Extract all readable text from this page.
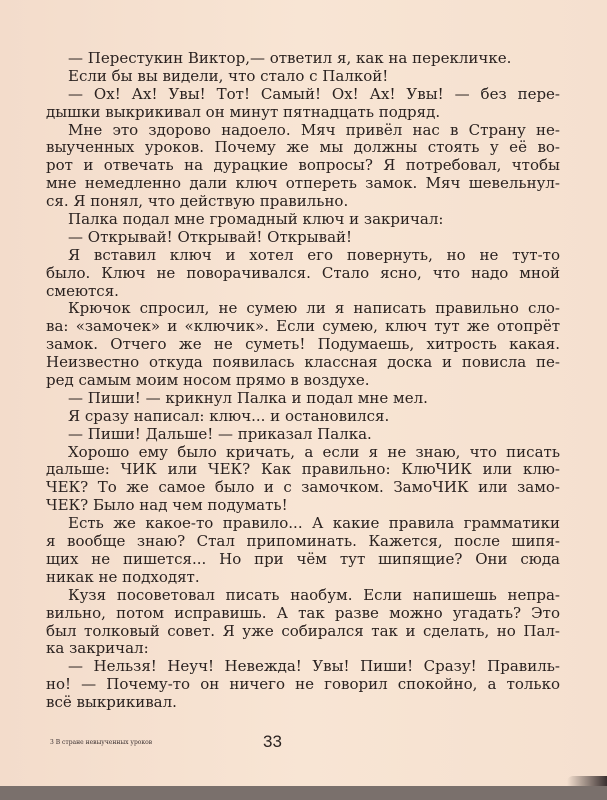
— Перестукин Виктор,— ответил я, как на перекличке.
Если бы вы видели, что стало с Палкой!
— Ох! Ах! Увы! Тот! Самый! Ох! Ах! Увы! — без пере-
дышки выкрикивал он минут пятнадцать подряд.
Мне это здорово надоело. Мяч привёл нас в Страну не-
выученных уроков. Почему же мы должны стоять у её во-
рот и отвечать на дурацкие вопросы? Я потребовал, чтобы
мне немедленно дали ключ отпереть замок. Мяч шевельнул-
ся. Я понял, что действую правильно.
Палка подал мне громадный ключ и закричал:
— Открывай! Открывай! Открывай!
Я вставил ключ и хотел его повернуть, но не тут-то
было. Ключ не поворачивался. Стало ясно, что надо мной
смеются.
Крючок спросил, не сумею ли я написать правильно сло-
ва: «замочек» и «ключик». Если сумею, ключ тут же отопрёт
замок. Отчего же не суметь! Подумаешь, хитрость какая.
Неизвестно откуда появилась классная доска и повисла пе-
ред самым моим носом прямо в воздухе.
— Пиши! — крикнул Палка и подал мне мел.
Я сразу написал: ключ... и остановился.
— Пиши! Дальше! — приказал Палка.
Хорошо ему было кричать, а если я не знаю, что писать
дальше: ЧИК или ЧЕК? Как правильно: КлюЧИК или клю-
ЧЕК? То же самое было и с замочком. ЗамоЧИК или замо-
ЧЕК? Было над чем подумать!
Есть же какое-то правило... А какие правила грамматики
я вообще знаю? Стал припоминать. Кажется, после шипя-
щих не пишется... Но при чём тут шипящие? Они сюда
никак не подходят.
Кузя посоветовал писать наобум. Если напишешь непра-
вильно, потом исправишь. А так разве можно угадать? Это
был толковый совет. Я уже собирался так и сделать, но Пал-
ка закричал:
— Нельзя! Неуч! Невежда! Увы! Пиши! Сразу! Правиль-
но! — Почему-то он ничего не говорил спокойно, а только
всё выкрикивал.
3 В стране невыученных уроков	33
